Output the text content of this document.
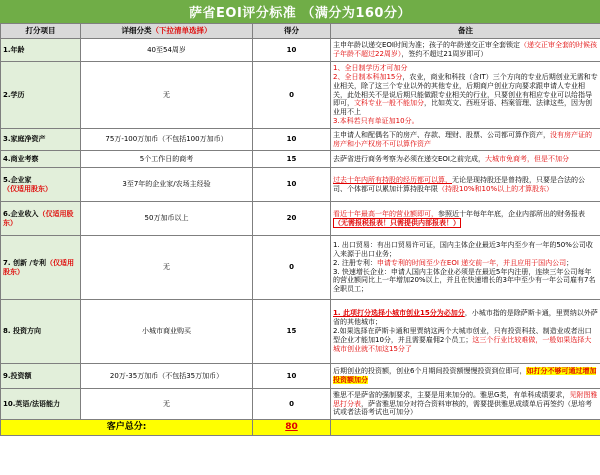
萨省EOI评分标准 （满分为160分）
打分项目	详细分类（下拉清单选择）	得分	备注
1.年龄	40至54周岁	10	主申年龄以递交EOI时间为准；孩子的年龄递交正审全套锁定（递交正审全套的时候孩子年龄不超过22周岁），签约不超过21周岁即可）
2.学历	无	0	1、全日制学历才可加分
2、全日制本科加15分，农业，商业和科技（含IT）三个方向的专业后期创业无需和专业相关，除了这三个专业以外的其他专业，后期商户创业方向要求跟申请人专业相关，此处相关不是说后期只能做跟专业相关的行业，只要创业有相应专业可以给指导即可，文科专业一般不能加分，比如英文、西班牙语、档案管理、法律这些，因为创业用不上
3.本科若只有单证加10分。
3.家庭净资产	75万-100万加币（不包括100万加币）	10	主申请人和配偶名下的房产、存款、理财、股票、公司都可算作资产，没有房产证的房产和小产权房不可以算作资产
4.商业考察	5个工作日的商考	15	去萨省进行商务考察为必须在递交EOI之前完成，大城市免商考，但是不加分
5.企业家（仅适用股东）	3至7年的企业家/农场主经验	10	过去十年内所有持股的经历都可以算，无论是现持股还是曾持股，只要是合法的公司、个体都可以累加计算持股年限（持股10%和10%以上的才算股东）
6.企业收入（仅适用股东）	50万加币以上	20	看近十年最高一年的营业额即可，参照近十年每年年底，企业内部所出的财务报表（无需报税报表！只需提供内部报表！）
7. 创新 /专利（仅适用股东）	无	0	1. 出口贸易：有出口贸易许可证，国内主体企业最近3年内至少有一年的50%公司收入来源于出口业务；
2. 注册专利：申请专利的时间至少在EOI 递交前一年，并且应用于国内公司；
3. 快速增长企业：申请人国内主体企业必须是在最近5年内注册，连续三年公司每年的营业额同比上一年增加20%以上，并且在快速增长的3年中至少有一年公司雇有7名全职员工；
8. 投资方向	小城市商业购买	15	1. 此项打分选择小城市创业15分为必加分，小城市指的是除萨斯卡通，里贾纳以外萨省的其他城市；
2.如果选择在萨斯卡通和里贾纳这两个大城市创业，只有投资科技、制造业或者出口型企业才能加10分，并且需要雇佣2个员工；这三个行业比较难做，一般如果选择大城市创业就不加这15分了
9.投资额	20万-35万加币（不包括35万加币）	10	后期创业的投资额，创业6个月期间投资额慢慢投资到位即可，如打分不够可通过增加投资额加分
10.英语/法语能力	无	0	雅思不是萨省的强制要求，主要是用来加分的。雅思G类，有单科成绩要求，见附图雅思打分表，萨省雅思加分对符合资料审核的，需要提供雅思成绩单后再签约（思培考试或者法语考试也可加分）
客户总分:		80	
